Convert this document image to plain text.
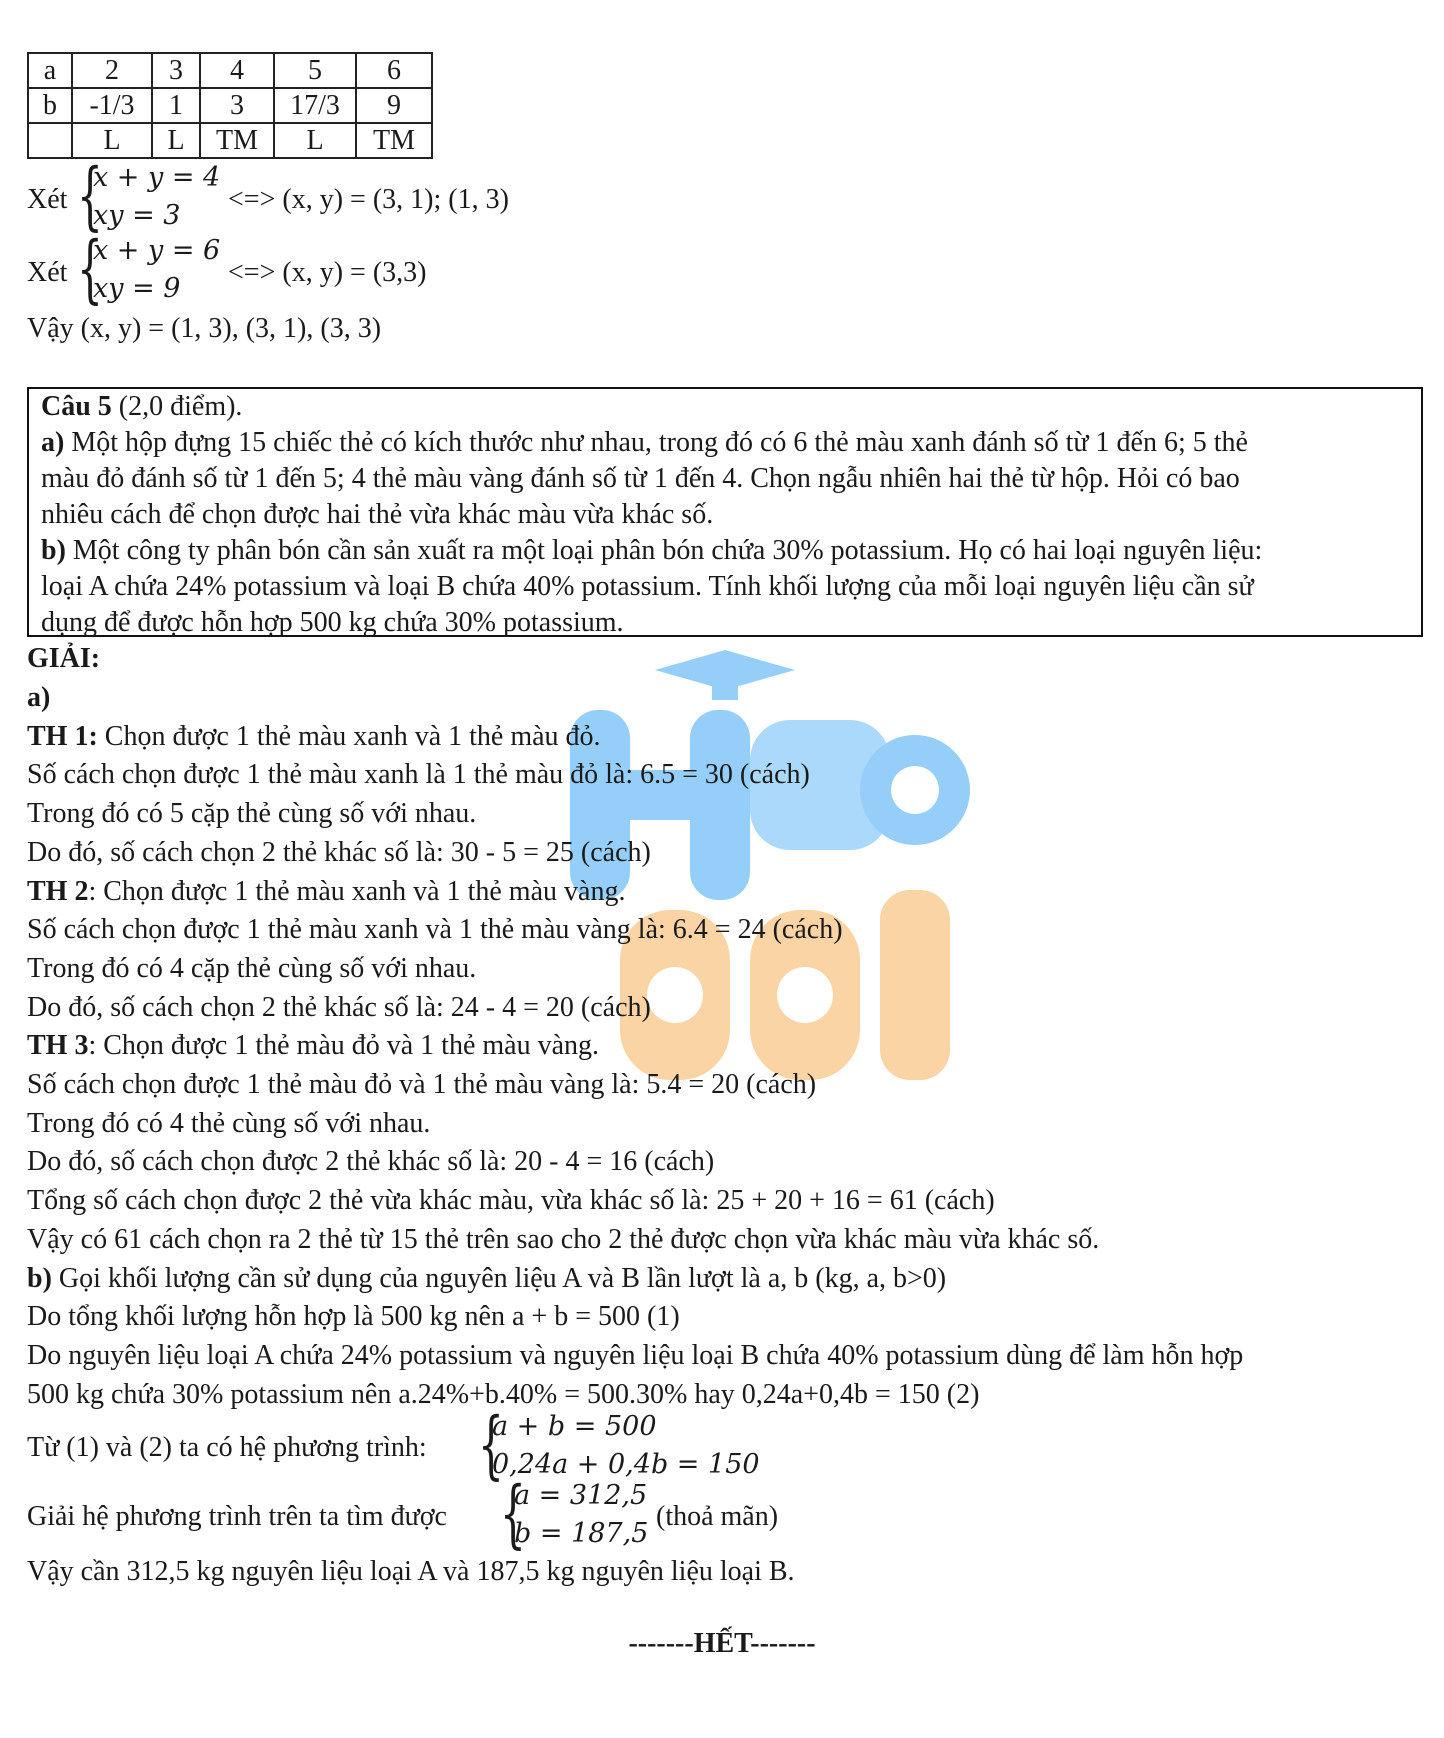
a	2	3	4	5	6
b	-1/3	1	3	17/3	9
	L	L	TM	L	TM
Xét {
x + y = 4
xy = 3
<=> (x, y) = (3, 1); (1, 3)
Xét {
x + y = 6
xy = 9
<=> (x, y) = (3,3)
Vậy (x, y) = (1, 3), (3, 1), (3, 3)
Câu 5 (2,0 điểm).
a) Một hộp đựng 15 chiếc thẻ có kích thước như nhau, trong đó có 6 thẻ màu xanh đánh số từ 1 đến 6; 5 thẻ
màu đỏ đánh số từ 1 đến 5; 4 thẻ màu vàng đánh số từ 1 đến 4. Chọn ngẫu nhiên hai thẻ từ hộp. Hỏi có bao
nhiêu cách để chọn được hai thẻ vừa khác màu vừa khác số.
b) Một công ty phân bón cần sản xuất ra một loại phân bón chứa 30% potassium. Họ có hai loại nguyên liệu:
loại A chứa 24% potassium và loại B chứa 40% potassium. Tính khối lượng của mỗi loại nguyên liệu cần sử
dụng để được hỗn hợp 500 kg chứa 30% potassium.
GIẢI:
a)
TH 1: Chọn được 1 thẻ màu xanh và 1 thẻ màu đỏ.
Số cách chọn được 1 thẻ màu xanh là 1 thẻ màu đỏ là: 6.5 = 30 (cách)
Trong đó có 5 cặp thẻ cùng số với nhau.
Do đó, số cách chọn 2 thẻ khác số là: 30 - 5 = 25 (cách)
TH 2: Chọn được 1 thẻ màu xanh và 1 thẻ màu vàng.
Số cách chọn được 1 thẻ màu xanh và 1 thẻ màu vàng là: 6.4 = 24 (cách)
Trong đó có 4 cặp thẻ cùng số với nhau.
Do đó, số cách chọn 2 thẻ khác số là: 24 - 4 = 20 (cách)
TH 3: Chọn được 1 thẻ màu đỏ và 1 thẻ màu vàng.
Số cách chọn được 1 thẻ màu đỏ và 1 thẻ màu vàng là: 5.4 = 20 (cách)
Trong đó có 4 thẻ cùng số với nhau.
Do đó, số cách chọn được 2 thẻ khác số là: 20 - 4 = 16 (cách)
Tổng số cách chọn được 2 thẻ vừa khác màu, vừa khác số là: 25 + 20 + 16 = 61 (cách)
Vậy có 61 cách chọn ra 2 thẻ từ 15 thẻ trên sao cho 2 thẻ được chọn vừa khác màu vừa khác số.
b) Gọi khối lượng cần sử dụng của nguyên liệu A và B lần lượt là a, b (kg, a, b>0)
Do tổng khối lượng hỗn hợp là 500 kg nên a + b = 500 (1)
Do nguyên liệu loại A chứa 24% potassium và nguyên liệu loại B chứa 40% potassium dùng để làm hỗn hợp
500 kg chứa 30% potassium nên a.24%+b.40% = 500.30% hay 0,24a+0,4b = 150 (2)
Từ (1) và (2) ta có hệ phương trình: {
a + b = 500
0,24a + 0,4b = 150
Giải hệ phương trình trên ta tìm được {
a = 312,5
b = 187,5
(thoả mãn)
Vậy cần 312,5 kg nguyên liệu loại A và 187,5 kg nguyên liệu loại B.
-------HẾT-------
